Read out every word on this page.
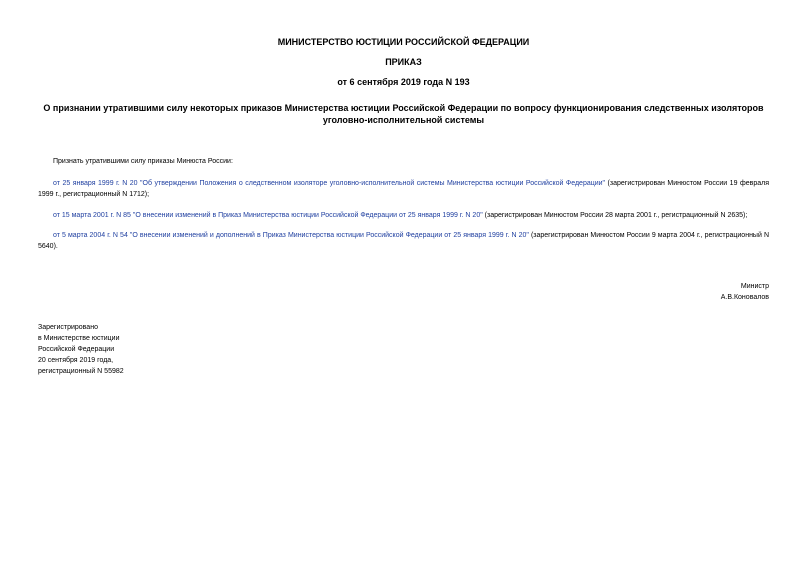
МИНИСТЕРСТВО ЮСТИЦИИ РОССИЙСКОЙ ФЕДЕРАЦИИ
ПРИКАЗ
от 6 сентября 2019 года N 193
О признании утратившими силу некоторых приказов Министерства юстиции Российской Федерации по вопросу функционирования следственных изоляторов уголовно-исполнительной системы
Признать утратившими силу приказы Минюста России:
от 25 января 1999 г. N 20 "Об утверждении Положения о следственном изоляторе уголовно-исполнительной системы Министерства юстиции Российской Федерации" (зарегистрирован Минюстом России 19 февраля 1999 г., регистрационный N 1712);
от 15 марта 2001 г. N 85 "О внесении изменений в Приказ Министерства юстиции Российской Федерации от 25 января 1999 г. N 20" (зарегистрирован Минюстом России 28 марта 2001 г., регистрационный N 2635);
от 5 марта 2004 г. N 54 "О внесении изменений и дополнений в Приказ Министерства юстиции Российской Федерации от 25 января 1999 г. N 20" (зарегистрирован Минюстом России 9 марта 2004 г., регистрационный N 5640).
Министр
А.В.Коновалов
Зарегистрировано
в Министерстве юстиции
Российской Федерации
20 сентября 2019 года,
регистрационный N 55982
